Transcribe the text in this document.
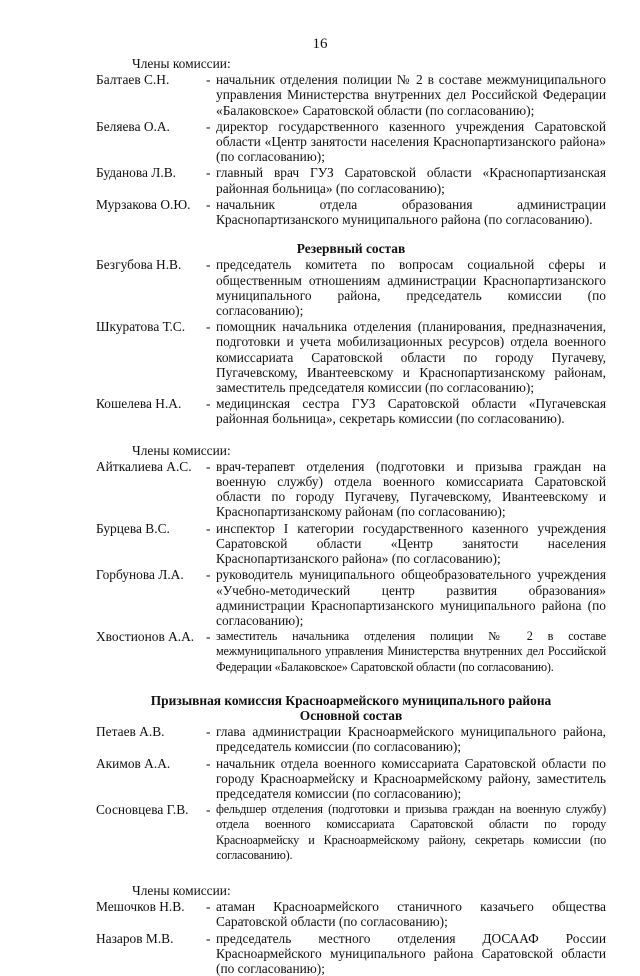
16
Члены комиссии:
Балтаев С.Н.	- начальник отделения полиции № 2 в составе межмуниципального управления Министерства внутренних дел Российской Федерации «Балаковское» Саратовской области (по согласованию);
Беляева О.А.	- директор государственного казенного учреждения Саратовской области «Центр занятости населения Краснопартизанского района» (по согласованию);
Буданова Л.В.	- главный врач ГУЗ Саратовской области «Краснопартизанская районная больница» (по согласованию);
Мурзакова О.Ю.	- начальник отдела образования администрации Краснопартизанского муниципального района (по согласованию).
Резервный состав
Безгубова Н.В.	- председатель комитета по вопросам социальной сферы и общественным отношениям администрации Краснопартизанского муниципального района, председатель комиссии (по согласованию);
Шкуратова Т.С.	- помощник начальника отделения (планирования, предназначения, подготовки и учета мобилизационных ресурсов) отдела военного комиссариата Саратовской области по городу Пугачеву, Пугачевскому, Ивантеевскому и Краснопартизанскому районам, заместитель председателя комиссии (по согласованию);
Кошелева Н.А.	- медицинская сестра ГУЗ Саратовской области «Пугачевская районная больница», секретарь комиссии (по согласованию).
Члены комиссии:
Айткалиева А.С.	- врач-терапевт отделения (подготовки и призыва граждан на военную службу) отдела военного комиссариата Саратовской области по городу Пугачеву, Пугачевскому, Ивантеевскому и Краснопартизанскому районам (по согласованию);
Бурцева В.С.	- инспектор I категории государственного казенного учреждения Саратовской области «Центр занятости населения Краснопартизанского района» (по согласованию);
Горбунова Л.А.	- руководитель муниципального общеобразовательного учреждения «Учебно-методический центр развития образования» администрации Краснопартизанского муниципального района (по согласованию);
Хвостионов А.А. - заместитель начальника отделения полиции № 2 в составе межмуниципального управления Министерства внутренних дел Российской Федерации «Балаковское» Саратовской области (по согласованию).
Призывная комиссия Красноармейского муниципального района
Основной состав
Петаев А.В.	- глава администрации Красноармейского муниципального района, председатель комиссии (по согласованию);
Акимов А.А.	- начальник отдела военного комиссариата Саратовской области по городу Красноармейску и Красноармейскому району, заместитель председателя комиссии (по согласованию);
Сосновцева Г.В.	- фельдшер отделения (подготовки и призыва граждан на военную службу) отдела военного комиссариата Саратовской области по городу Красноармейску и Красноармейскому району, секретарь комиссии (по согласованию).
Члены комиссии:
Мешочков Н.В.	- атаман Красноармейского станичного казачьего общества Саратовской области (по согласованию);
Назаров М.В.	- председатель местного отделения ДОСААФ России Красноармейского муниципального района Саратовской области (по согласованию);
